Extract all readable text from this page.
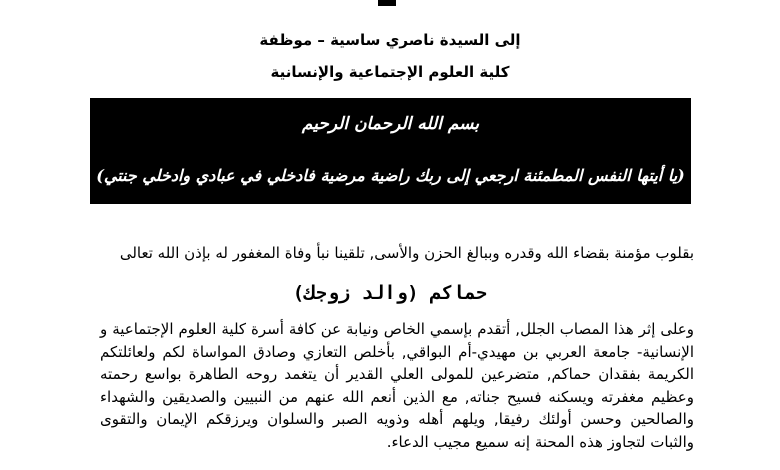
إلى السيدة ناصري ساسية – موظفة
كلية العلوم الإجتماعية والإنسانية
بسم الله الرحمان الرحيم
(يا أيتها النفس المطمئنة ارجعي إلى ربك راضية مرضية فادخلي في عبادي وادخلي جنتي)
بقلوب مؤمنة بقضاء الله وقدره وببالغ الحزن والأسى, تلقينا نبأ وفاة المغفور له بإذن الله تعالى
حماكم (والد زوجك)
وعلى إثر هذا المصاب الجلل, أتقدم بإسمي الخاص ونيابة عن كافة أسرة كلية العلوم الإجتماعية و الإنسانية- جامعة العربي بن مهيدي-أم البواقي, بأخلص التعازي وصادق المواساة لكم ولعائلتكم الكريمة بفقدان حماكم, متضرعين للمولى العلي القدير أن يتغمد روحه الطاهرة بواسع رحمته وعظيم مغفرته ويسكنه فسيح جناته, مع الذين أنعم الله عنهم من النبيين والصديقين والشهداء والصالحين وحسن أولئك رفيقا, ويلهم أهله وذويه الصبر والسلوان ويرزقكم الإيمان والتقوى والثبات لتجاوز هذه المحنة إنه سميع مجيب الدعاء.
